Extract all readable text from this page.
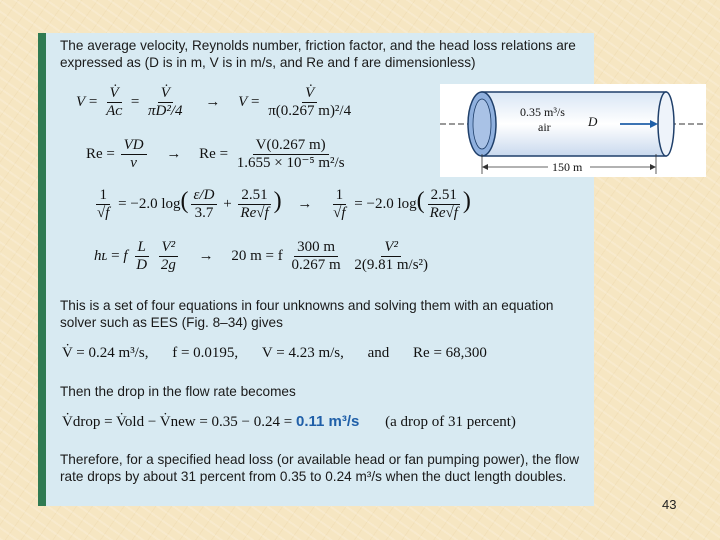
The average velocity, Reynolds number, friction factor, and the head loss relations are expressed as (D is in m, V is in m/s, and Re and f are dimensionless)
$V = \frac{V̇}{\text{Aᴄ}} = \frac{V̇}{\text{πD²/4}} \to V = \frac{V̇}{\text{π(0.267 m)²/4}}$
$Re = \frac{VD}{\nu} \to Re = \frac{V(0.267 m)}{\text{1.655 × 10⁻⁵ m²/s}}$
$\frac{1}{√f} = -2.0$ $\log( \frac{\varepsilon/D}{3.7} + \frac{2.51}{Re√f}$ ) → $\frac{1}{√f} = -2.0$ $\log( \frac{2.51}{Re√f}$ )
hʟ = f $\frac{L}{D}$
$\frac{\text{V²}}{2g} \to 20$ m = f $\frac{300 m}{0.267 m}$
$\frac{\text{V²}}{\text{2(9.81 m/s²)}}$
This is a set of four equations in four unknowns and solving them with an equation solver such as EES (Fig. 8–34) gives
V̇ = 0.24 m³/s, f = 0.0195, V = 4.23 m/s, and Re = 68,300
Then the drop in the flow rate becomes
V̇drop = V̇old − V̇new = 0.35 − 0.24 = 0.11 m³/s (a drop of 31 percent)
Therefore, for a specified head loss (or available head or fan pumping power), the flow rate drops by about 31 percent from 0.35 to 0.24 m³/s when the duct length doubles.
0.35 m³/s
air	D
150 m
43
